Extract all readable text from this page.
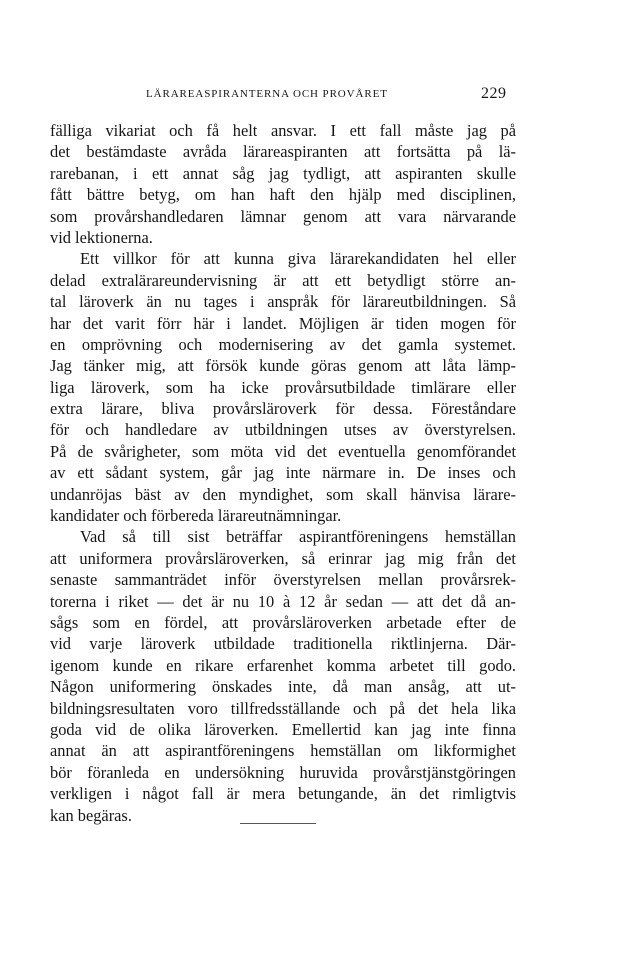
LÄRAREASPIRANTERNA OCH PROVÅRET	229
fälliga vikariat och få helt ansvar. I ett fall måste jag på
det bestämdaste avråda lärareaspiranten att fortsätta på lä-
rarebanan, i ett annat såg jag tydligt, att aspiranten skulle
fått bättre betyg, om han haft den hjälp med disciplinen,
som provårshandledaren lämnar genom att vara närvarande
vid lektionerna.
Ett villkor för att kunna giva lärarekandidaten hel eller
delad extralärareundervisning är att ett betydligt större an-
tal läroverk än nu tages i anspråk för lärareutbildningen. Så
har det varit förr här i landet. Möjligen är tiden mogen för
en omprövning och modernisering av det gamla systemet.
Jag tänker mig, att försök kunde göras genom att låta lämp-
liga läroverk, som ha icke provårsutbildade timlärare eller
extra lärare, bliva provårsläroverk för dessa. Föreståndare
för och handledare av utbildningen utses av överstyrelsen.
På de svårigheter, som möta vid det eventuella genomförandet
av ett sådant system, går jag inte närmare in. De inses och
undanröjas bäst av den myndighet, som skall hänvisa lärare-
kandidater och förbereda lärareutnämningar.
Vad så till sist beträffar aspirantföreningens hemställan
att uniformera provårsläroverken, så erinrar jag mig från det
senaste sammanträdet inför överstyrelsen mellan provårsrek-
torerna i riket — det är nu 10 à 12 år sedan — att det då an-
sågs som en fördel, att provårsläroverken arbetade efter de
vid varje läroverk utbildade traditionella riktlinjerna. Där-
igenom kunde en rikare erfarenhet komma arbetet till godo.
Någon uniformering önskades inte, då man ansåg, att ut-
bildningsresultaten voro tillfredsställande och på det hela lika
goda vid de olika läroverken. Emellertid kan jag inte finna
annat än att aspirantföreningens hemställan om likformighet
bör föranleda en undersökning huruvida provårstjänstgöringen
verkligen i något fall är mera betungande, än det rimligtvis
kan begäras.
